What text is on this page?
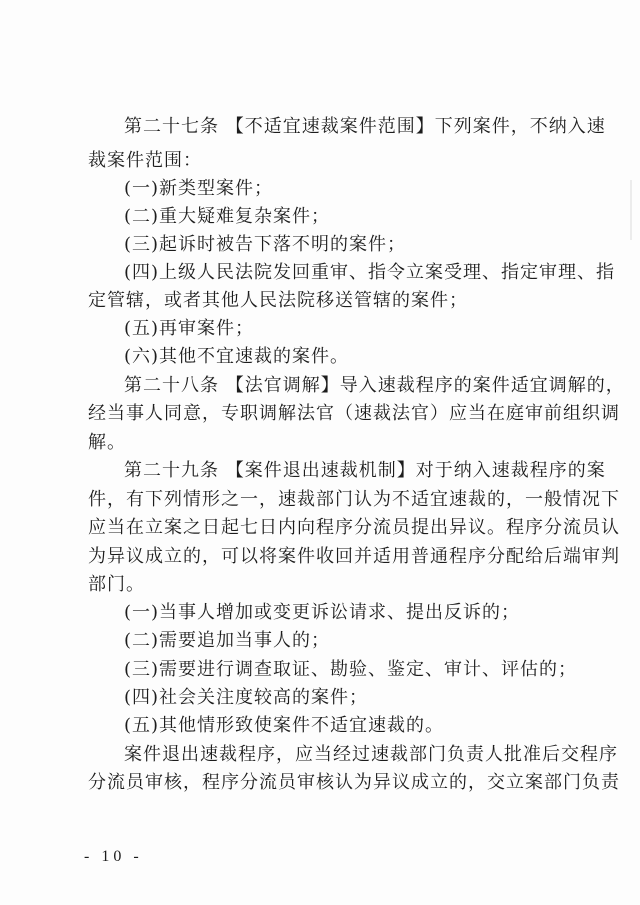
第二十七条 【不适宜速裁案件范围】下列案件，不纳入速
裁案件范围：
(一)新类型案件；
(二)重大疑难复杂案件；
(三)起诉时被告下落不明的案件；
(四)上级人民法院发回重审、指令立案受理、指定审理、指
定管辖，或者其他人民法院移送管辖的案件；
(五)再审案件；
(六)其他不宜速裁的案件。
第二十八条 【法官调解】导入速裁程序的案件适宜调解的，
经当事人同意，专职调解法官（速裁法官）应当在庭审前组织调
解。
第二十九条 【案件退出速裁机制】对于纳入速裁程序的案
件，有下列情形之一，速裁部门认为不适宜速裁的，一般情况下
应当在立案之日起七日内向程序分流员提出异议。程序分流员认
为异议成立的，可以将案件收回并适用普通程序分配给后端审判
部门。
(一)当事人增加或变更诉讼请求、提出反诉的；
(二)需要追加当事人的；
(三)需要进行调查取证、勘验、鉴定、审计、评估的；
(四)社会关注度较高的案件；
(五)其他情形致使案件不适宜速裁的。
案件退出速裁程序，应当经过速裁部门负责人批准后交程序
分流员审核，程序分流员审核认为异议成立的，交立案部门负责
- 10 -
